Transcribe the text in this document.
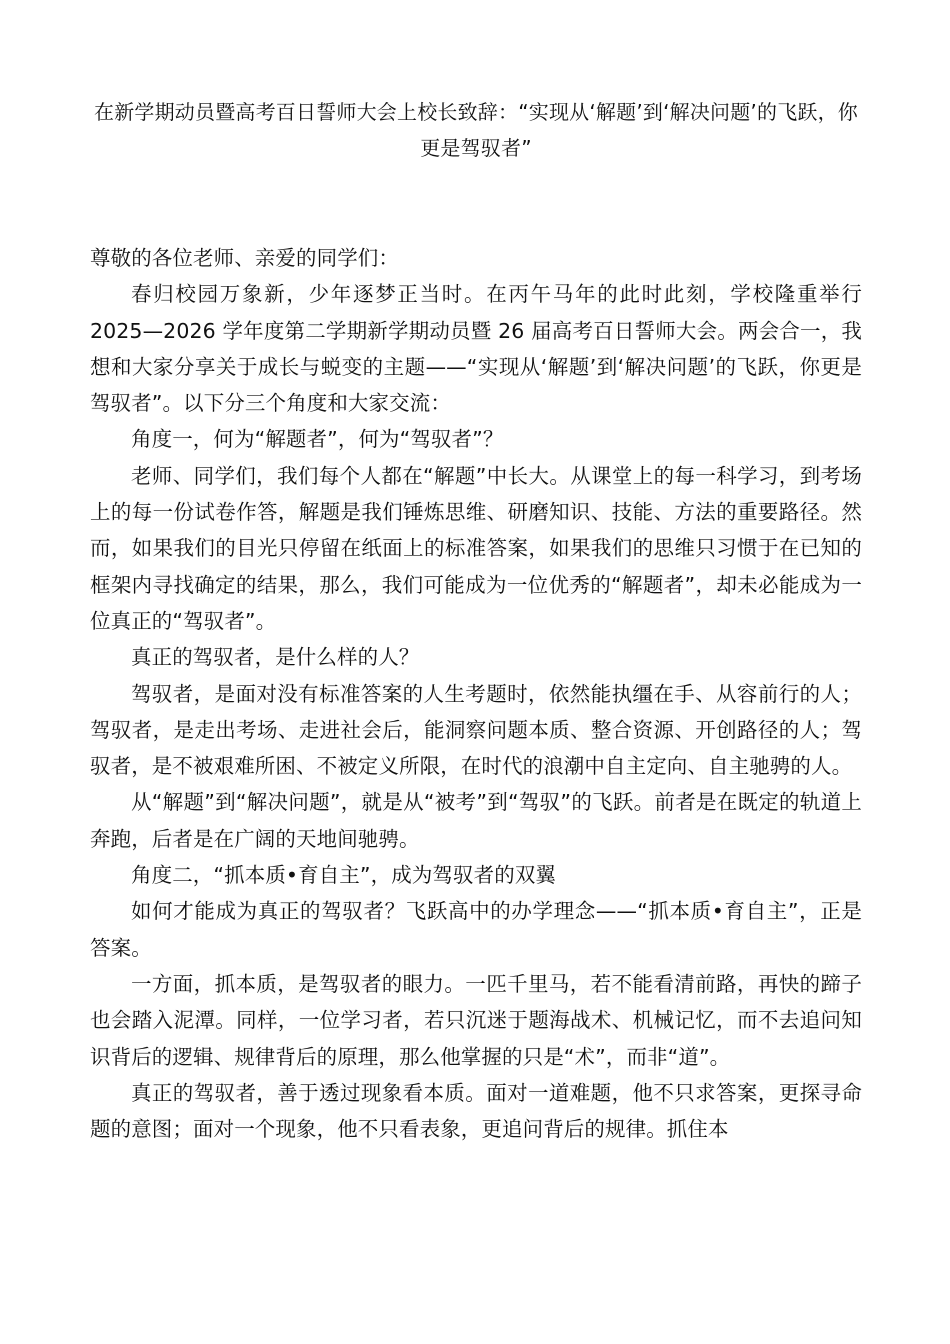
在新学期动员暨高考百日誓师大会上校长致辞：“实现从‘解题’到‘解决问题’的飞跃，你更是驾驭者”

尊敬的各位老师、亲爱的同学们：

春归校园万象新，少年逐梦正当时。在丙午马年的此时此刻，学校隆重举行 2025—2026 学年度第二学期新学期动员暨 26 届高考百日誓师大会。两会合一，我想和大家分享关于成长与蜕变的主题——“实现从‘解题’到‘解决问题’的飞跃，你更是驾驭者”。以下分三个角度和大家交流：

角度一，何为“解题者”，何为“驾驭者”？

老师、同学们，我们每个人都在“解题”中长大。从课堂上的每一科学习，到考场上的每一份试卷作答，解题是我们锤炼思维、研磨知识、技能、方法的重要路径。然而，如果我们的目光只停留在纸面上的标准答案，如果我们的思维只习惯于在已知的框架内寻找确定的结果，那么，我们可能成为一位优秀的“解题者”，却未必能成为一位真正的“驾驭者”。

真正的驾驭者，是什么样的人？

驾驭者，是面对没有标准答案的人生考题时，依然能执缰在手、从容前行的人；驾驭者，是走出考场、走进社会后，能洞察问题本质、整合资源、开创路径的人；驾驭者，是不被艰难所困、不被定义所限，在时代的浪潮中自主定向、自主驰骋的人。

从“解题”到“解决问题”，就是从“被考”到“驾驭”的飞跃。前者是在既定的轨道上奔跑，后者是在广阔的天地间驰骋。

角度二，“抓本质•育自主”，成为驾驭者的双翼

如何才能成为真正的驾驭者？飞跃高中的办学理念——“抓本质•育自主”，正是答案。

一方面，抓本质，是驾驭者的眼力。一匹千里马，若不能看清前路，再快的蹄子也会踏入泥潭。同样，一位学习者，若只沉迷于题海战术、机械记忆，而不去追问知识背后的逻辑、规律背后的原理，那么他掌握的只是“术”，而非“道”。

真正的驾驭者，善于透过现象看本质。面对一道难题，他不只求答案，更探寻命题的意图；面对一个现象，他不只看表象，更追问背后的规律。抓住本
